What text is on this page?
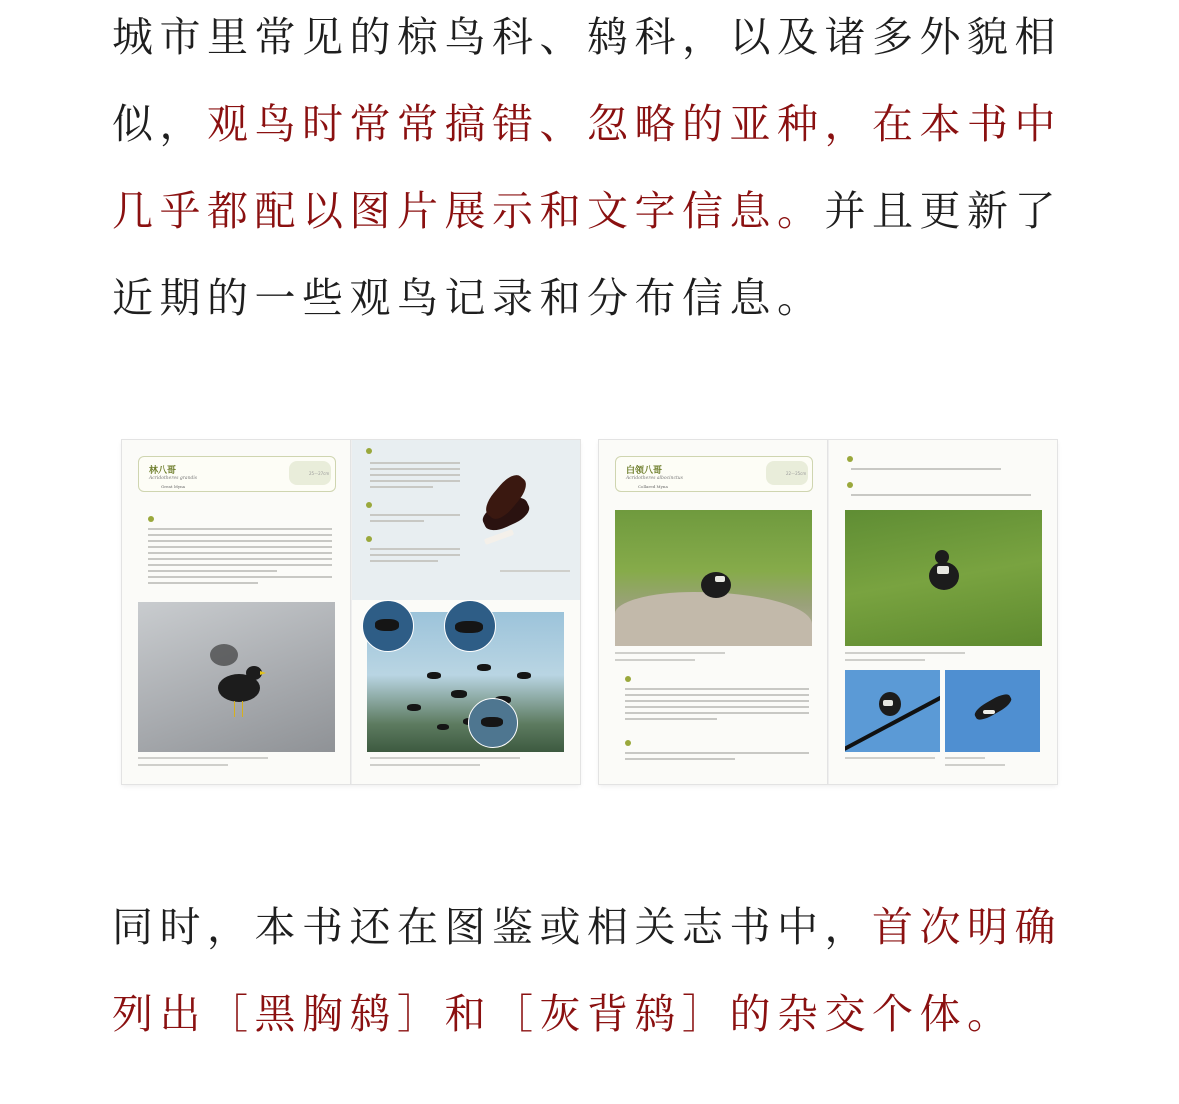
城市里常见的椋鸟科、鸫科，以及诸多外貌相似，观鸟时常常搞错、忽略的亚种，在本书中几乎都配以图片展示和文字信息。并且更新了近期的一些观鸟记录和分布信息。
林八哥
Acridotheres grandis
Great Myna
25～27cm	白领八哥
Acridotheres albocinctus
Collared Myna
22～25cm
同时，本书还在图鉴或相关志书中，首次明确列出［黑胸鸫］和［灰背鸫］的杂交个体。
